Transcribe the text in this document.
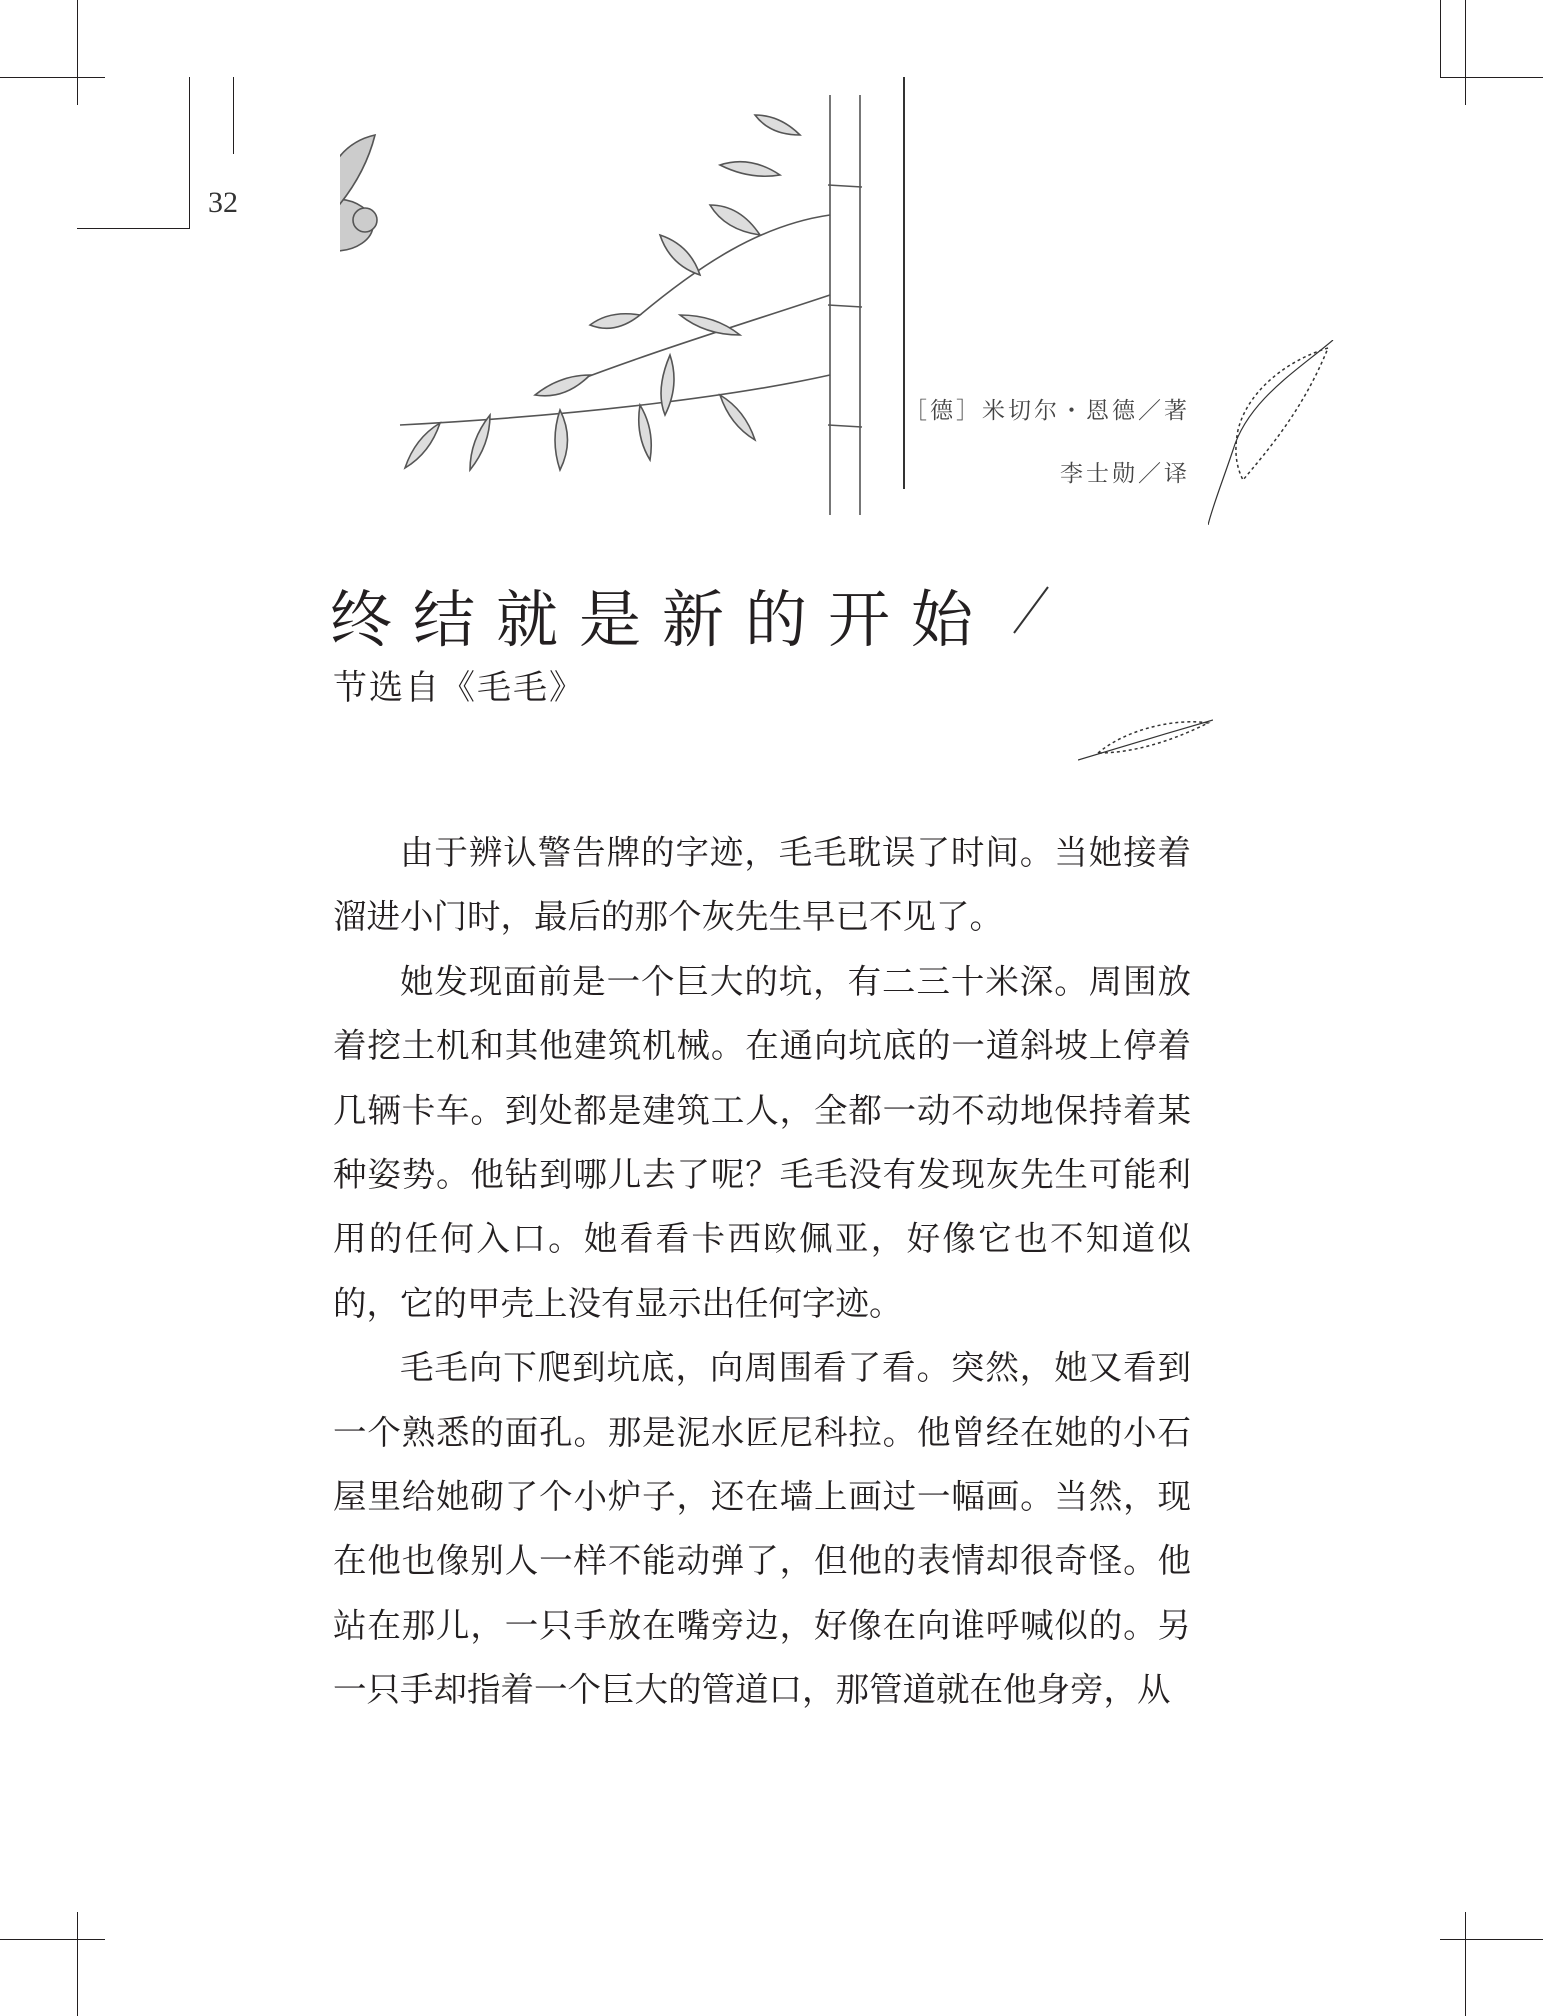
32
［德］米切尔・恩德／著
李士勋／译
终结就是新的开始
节选自《毛毛》

由于辨认警告牌的字迹，毛毛耽误了时间。当她接着溜进小门时，最后的那个灰先生早已不见了。

她发现面前是一个巨大的坑，有二三十米深。周围放着挖土机和其他建筑机械。在通向坑底的一道斜坡上停着几辆卡车。到处都是建筑工人，全都一动不动地保持着某种姿势。他钻到哪儿去了呢？毛毛没有发现灰先生可能利用的任何入口。她看看卡西欧佩亚，好像它也不知道似的，它的甲壳上没有显示出任何字迹。

毛毛向下爬到坑底，向周围看了看。突然，她又看到一个熟悉的面孔。那是泥水匠尼科拉。他曾经在她的小石屋里给她砌了个小炉子，还在墙上画过一幅画。当然，现在他也像别人一样不能动弹了，但他的表情却很奇怪。他站在那儿，一只手放在嘴旁边，好像在向谁呼喊似的。另一只手却指着一个巨大的管道口，那管道就在他身旁，从
